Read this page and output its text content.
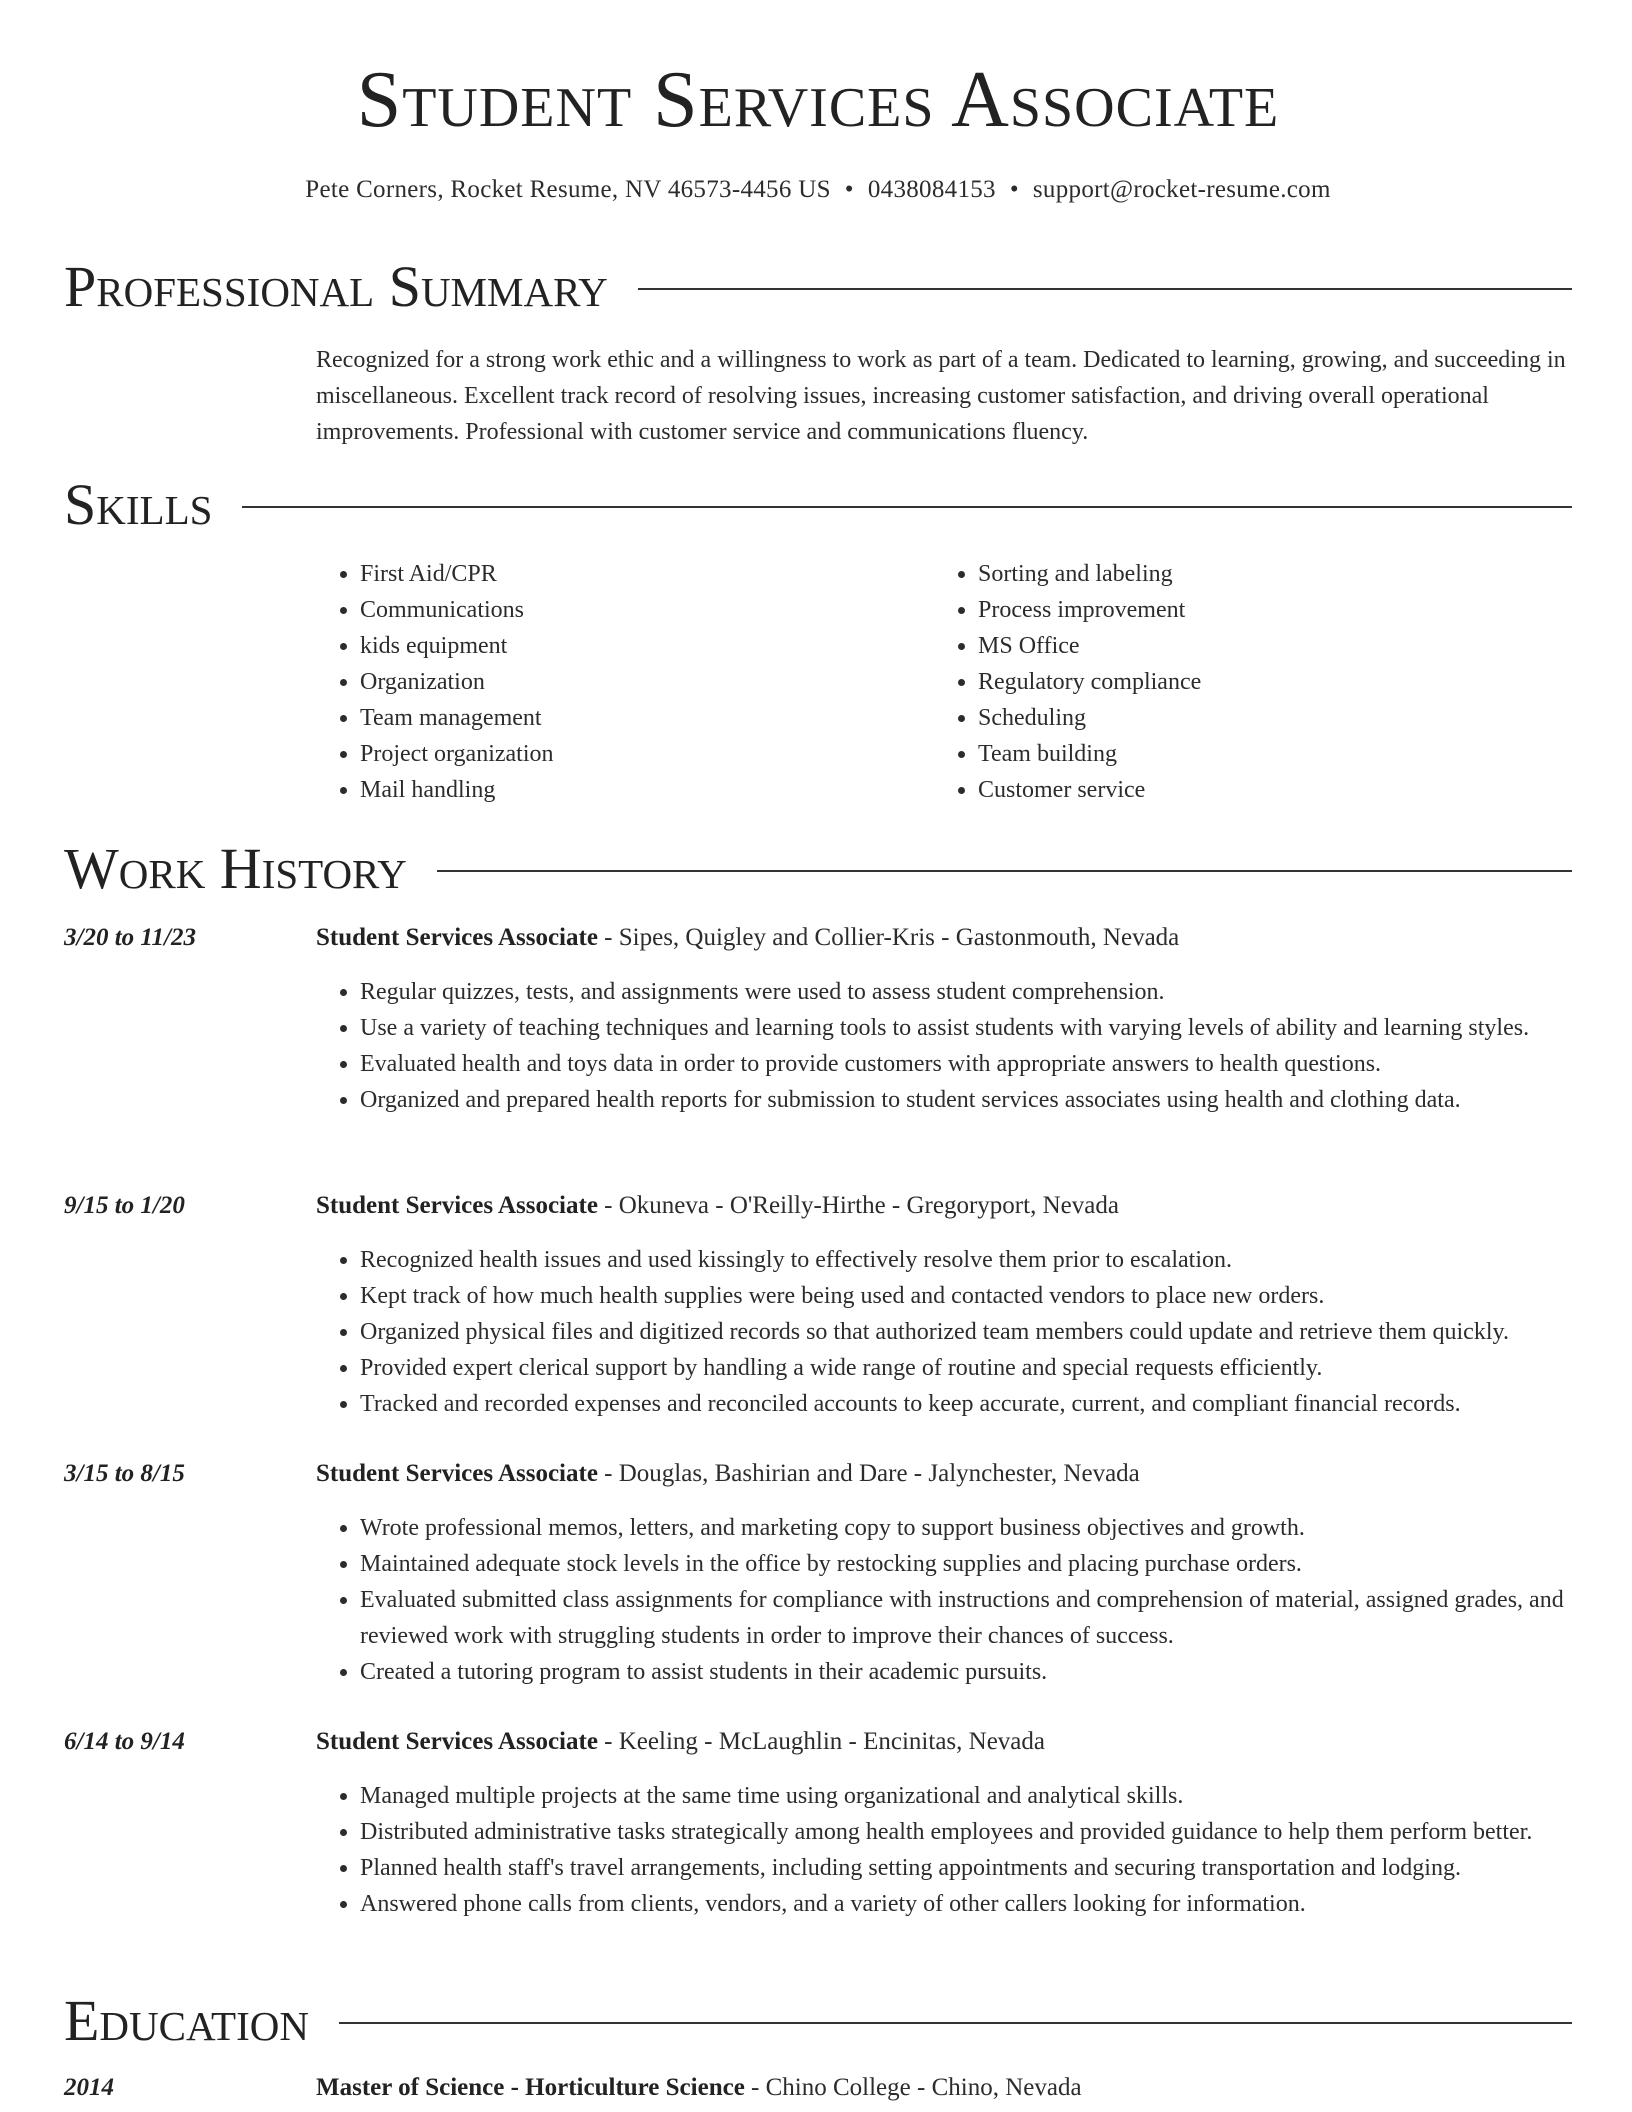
Student Services Associate
Pete Corners, Rocket Resume, NV 46573-4456 US • 0438084153 • support@rocket-resume.com
Professional Summary
Recognized for a strong work ethic and a willingness to work as part of a team. Dedicated to learning, growing, and succeeding in miscellaneous. Excellent track record of resolving issues, increasing customer satisfaction, and driving overall operational improvements. Professional with customer service and communications fluency.
Skills
• First Aid/CPR
• Communications
• kids equipment
• Organization
• Team management
• Project organization
• Mail handling
• Sorting and labeling
• Process improvement
• MS Office
• Regulatory compliance
• Scheduling
• Team building
• Customer service
Work History
3/20 to 11/23	Student Services Associate - Sipes, Quigley and Collier-Kris - Gastonmouth, Nevada
• Regular quizzes, tests, and assignments were used to assess student comprehension.
• Use a variety of teaching techniques and learning tools to assist students with varying levels of ability and learning styles.
• Evaluated health and toys data in order to provide customers with appropriate answers to health questions.
• Organized and prepared health reports for submission to student services associates using health and clothing data.
9/15 to 1/20	Student Services Associate - Okuneva - O'Reilly-Hirthe - Gregoryport, Nevada
• Recognized health issues and used kissingly to effectively resolve them prior to escalation.
• Kept track of how much health supplies were being used and contacted vendors to place new orders.
• Organized physical files and digitized records so that authorized team members could update and retrieve them quickly.
• Provided expert clerical support by handling a wide range of routine and special requests efficiently.
• Tracked and recorded expenses and reconciled accounts to keep accurate, current, and compliant financial records.
3/15 to 8/15	Student Services Associate - Douglas, Bashirian and Dare - Jalynchester, Nevada
• Wrote professional memos, letters, and marketing copy to support business objectives and growth.
• Maintained adequate stock levels in the office by restocking supplies and placing purchase orders.
• Evaluated submitted class assignments for compliance with instructions and comprehension of material, assigned grades, and reviewed work with struggling students in order to improve their chances of success.
• Created a tutoring program to assist students in their academic pursuits.
6/14 to 9/14	Student Services Associate - Keeling - McLaughlin - Encinitas, Nevada
• Managed multiple projects at the same time using organizational and analytical skills.
• Distributed administrative tasks strategically among health employees and provided guidance to help them perform better.
• Planned health staff's travel arrangements, including setting appointments and securing transportation and lodging.
• Answered phone calls from clients, vendors, and a variety of other callers looking for information.
Education
2014	Master of Science - Horticulture Science - Chino College - Chino, Nevada
